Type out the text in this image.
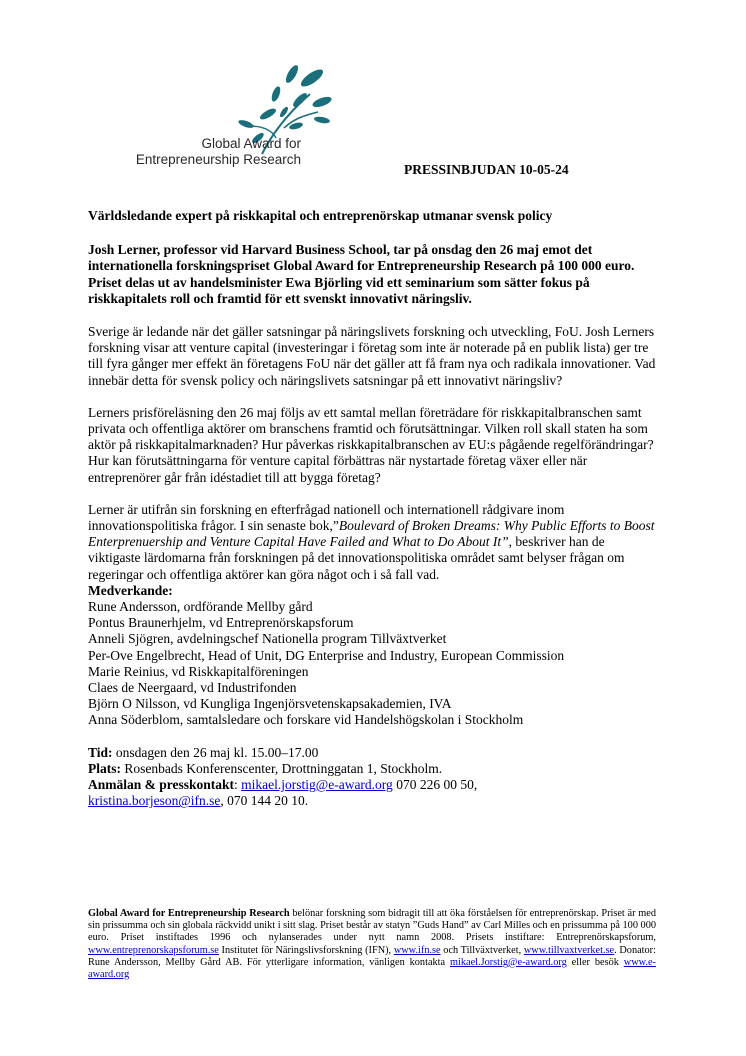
Global Award for
Entrepreneurship Research
PRESSINBJUDAN 10-05-24

Världsledande expert på riskkapital och entreprenörskap utmanar svensk policy

Josh Lerner, professor vid Harvard Business School, tar på onsdag den 26 maj emot det internationella forskningspriset Global Award for Entrepreneurship Research på 100 000 euro. Priset delas ut av handelsminister Ewa Björling vid ett seminarium som sätter fokus på riskkapitalets roll och framtid för ett svenskt innovativt näringsliv.

Sverige är ledande när det gäller satsningar på näringslivets forskning och utveckling, FoU. Josh Lerners forskning visar att venture capital (investeringar i företag som inte är noterade på en publik lista) ger tre till fyra gånger mer effekt än företagens FoU när det gäller att få fram nya och radikala innovationer. Vad innebär detta för svensk policy och näringslivets satsningar på ett innovativt näringsliv?

Lerners prisföreläsning den 26 maj följs av ett samtal mellan företrädare för riskkapitalbranschen samt privata och offentliga aktörer om branschens framtid och förutsättningar. Vilken roll skall staten ha som aktör på riskkapitalmarknaden? Hur påverkas riskkapitalbranschen av EU:s pågående regelförändringar? Hur kan förutsättningarna för venture capital förbättras när nystartade företag växer eller när entreprenörer går från idéstadiet till att bygga företag?

Lerner är utifrån sin forskning en efterfrågad nationell och internationell rådgivare inom innovationspolitiska frågor. I sin senaste bok,”Boulevard of Broken Dreams: Why Public Efforts to Boost Enterprenuership and Venture Capital Have Failed and What to Do About It”, beskriver han de viktigaste lärdomarna från forskningen på det innovationspolitiska området samt belyser frågan om regeringar och offentliga aktörer kan göra något och i så fall vad.

Medverkande:
Rune Andersson, ordförande Mellby gård
Pontus Braunerhjelm, vd Entreprenörskapsforum
Anneli Sjögren, avdelningschef Nationella program Tillväxtverket
Per-Ove Engelbrecht, Head of Unit, DG Enterprise and Industry, European Commission
Marie Reinius, vd Riskkapitalföreningen
Claes de Neergaard, vd Industrifonden
Björn O Nilsson, vd Kungliga Ingenjörsvetenskapsakademien, IVA
Anna Söderblom, samtalsledare och forskare vid Handelshögskolan i Stockholm
Tid: onsdagen den 26 maj kl. 15.00–17.00
Plats: Rosenbads Konferenscenter, Drottninggatan 1, Stockholm.
Anmälan & presskontakt: mikael.jorstig@e-award.org 070 226 00 50,
kristina.borjeson@ifn.se, 070 144 20 10.
Global Award for Entrepreneurship Research belönar forskning som bidragit till att öka förståelsen för entreprenörskap. Priset är med sin prissumma och sin globala räckvidd unikt i sitt slag. Priset består av statyn ”Guds Hand” av Carl Milles och en prissumma på 100 000 euro. Priset instiftades 1996 och nylanserades under nytt namn 2008. Prisets instiftare: Entreprenörskapsforum, www.entreprenorskapsforum.se Institutet för Näringslivsforskning (IFN), www.ifn.se och Tillväxtverket, www.tillvaxtverket.se. Donator: Rune Andersson, Mellby Gård AB. För ytterligare information, vänligen kontakta mikael.Jorstig@e-award.org eller besök www.e-award.org
